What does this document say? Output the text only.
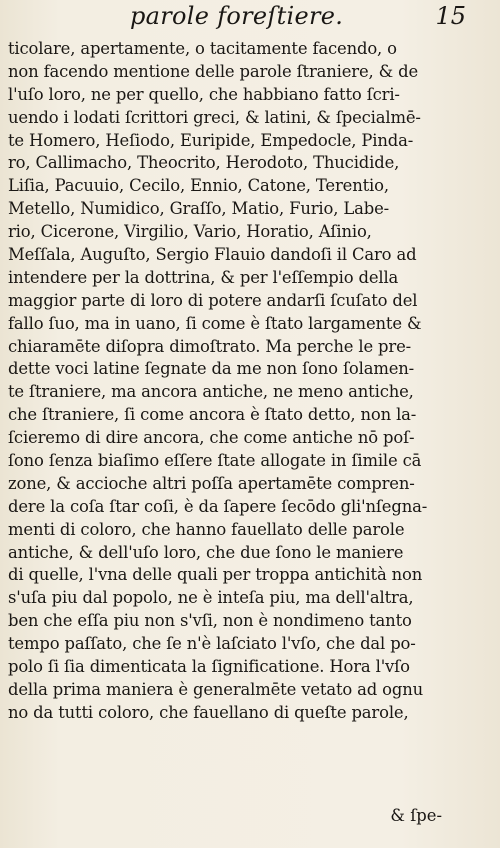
parole foreſtiere.	15
ticolare, apertamente, o tacitamente facendo, o
non facendo mentione delle parole ſtraniere, & de
l'uſo loro, ne per quello, che habbiano fatto ſcri-
uendo i lodati ſcrittori greci, & latini, & ſpecialmē-
te Homero, Heſiodo, Euripide, Empedocle, Pinda-
ro, Callimacho, Theocrito, Herodoto, Thucidide,
Liſia, Pacuuio, Cecilo, Ennio, Catone, Terentio,
Metello, Numidico, Graſſo, Matio, Furio, Labe-
rio, Cicerone, Virgilio, Vario, Horatio, Aſinio,
Meſſala, Auguſto, Sergio Flauio dandoſi il Caro ad
intendere per la dottrina, & per l'eſſempio della
maggior parte di loro di potere andarſi ſcuſato del
fallo ſuo, ma in uano, ſi come è ſtato largamente &
chiaramēte diſopra dimoſtrato. Ma perche le pre-
dette voci latine ſegnate da me non ſono ſolamen-
te ſtraniere, ma ancora antiche, ne meno antiche,
che ſtraniere, ſi come ancora è ſtato detto, non la-
ſcieremo di dire ancora, che come antiche nō poſ-
ſono ſenza biaſimo eſſere ſtate allogate in ſimile cā
zone, & accioche altri poſſa apertamēte compren-
dere la coſa ſtar coſi, è da ſapere ſecōdo gli'nſegna-
menti di coloro, che hanno fauellato delle parole
antiche, & dell'uſo loro, che due ſono le maniere
di quelle, l'vna delle quali per troppa antichità non
s'uſa piu dal popolo, ne è inteſa piu, ma dell'altra,
ben che eſſa piu non s'vſi, non è nondimeno tanto
tempo paſſato, che ſe n'è laſciato l'vſo, che dal po-
polo ſi ſia dimenticata la ſignificatione. Hora l'vſo
della prima maniera è generalmēte vetato ad ognu
no da tutti coloro, che fauellano di queſte parole,
& ſpe-
